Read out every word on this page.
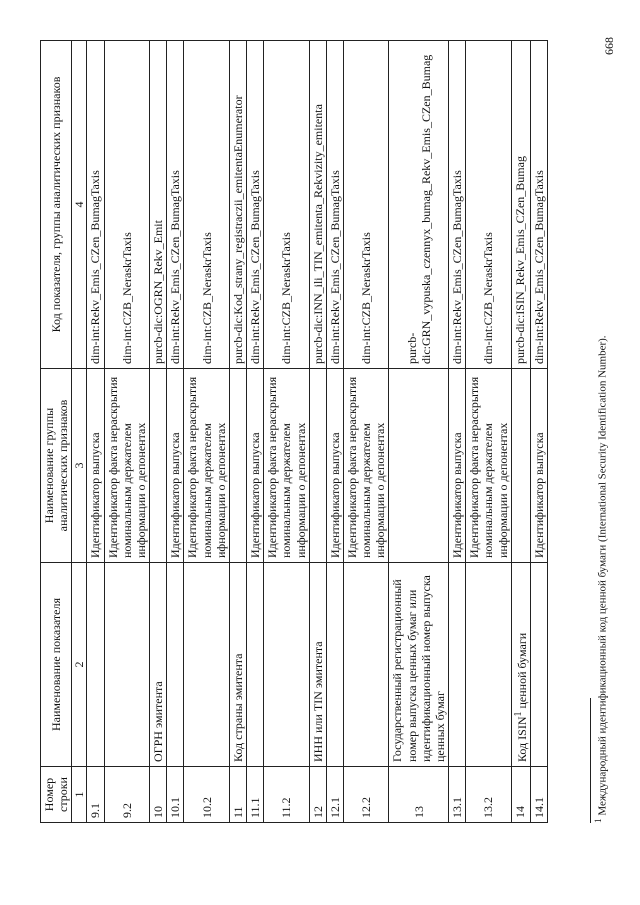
Номер строки	Наименование показателя	Наименование группы аналитических признаков	Код показателя, группы аналитических признаков
1	2	3	4
9.1		Идентификатор выпуска	dim-int:Rekv_Emis_CZen_BumagTaxis
9.2		Идентификатор факта нераскрытия номинальным держателем информации о депонентах	dim-int:CZB_NeraskrTaxis
10	ОГРН эмитента		purcb-dic:OGRN_Rekv_Emit
10.1		Идентификатор выпуска	dim-int:Rekv_Emis_CZen_BumagTaxis
10.2		Идентификатор факта нераскрытия номинальным держателем ифнормации о депонентах	dim-int:CZB_NeraskrTaxis
11	Код страны эмитента		purcb-dic:Kod_strany_registraczii_emitentaEnumerator
11.1		Идентификатор выпуска	dim-int:Rekv_Emis_CZen_BumagTaxis
11.2		Идентификатор факта нераскрытия номинальным держателем информации о депонентах	dim-int:CZB_NeraskrTaxis
12	ИНН или TIN эмитента		purcb-dic:INN_ili_TIN_emitenta_Rekvizity_emitenta
12.1		Идентификатор выпуска	dim-int:Rekv_Emis_CZen_BumagTaxis
12.2		Идентификатор факта нераскрытия номинальным держателем информации о депонентах	dim-int:CZB_NeraskrTaxis
13	Государственный регистрационный номер выпуска ценных бумаг или идентификационный номер выпуска ценных бумаг		purcb-dic:GRN_vypuska_czennyx_bumag_Rekv_Emis_CZen_Bumag
13.1		Идентификатор выпуска	dim-int:Rekv_Emis_CZen_BumagTaxis
13.2		Идентификатор факта нераскрытия номинальным держателем информации о депонентах	dim-int:CZB_NeraskrTaxis
14	Код ISIN$^1$ ценной бумаги		purcb-dic:ISIN_Rekv_Emis_CZen_Bumag
14.1		Идентификатор выпуска	dim-int:Rekv_Emis_CZen_BumagTaxis
$^1$ Международный идентификационный код ценной бумаги (International Security Identification Number).
668
